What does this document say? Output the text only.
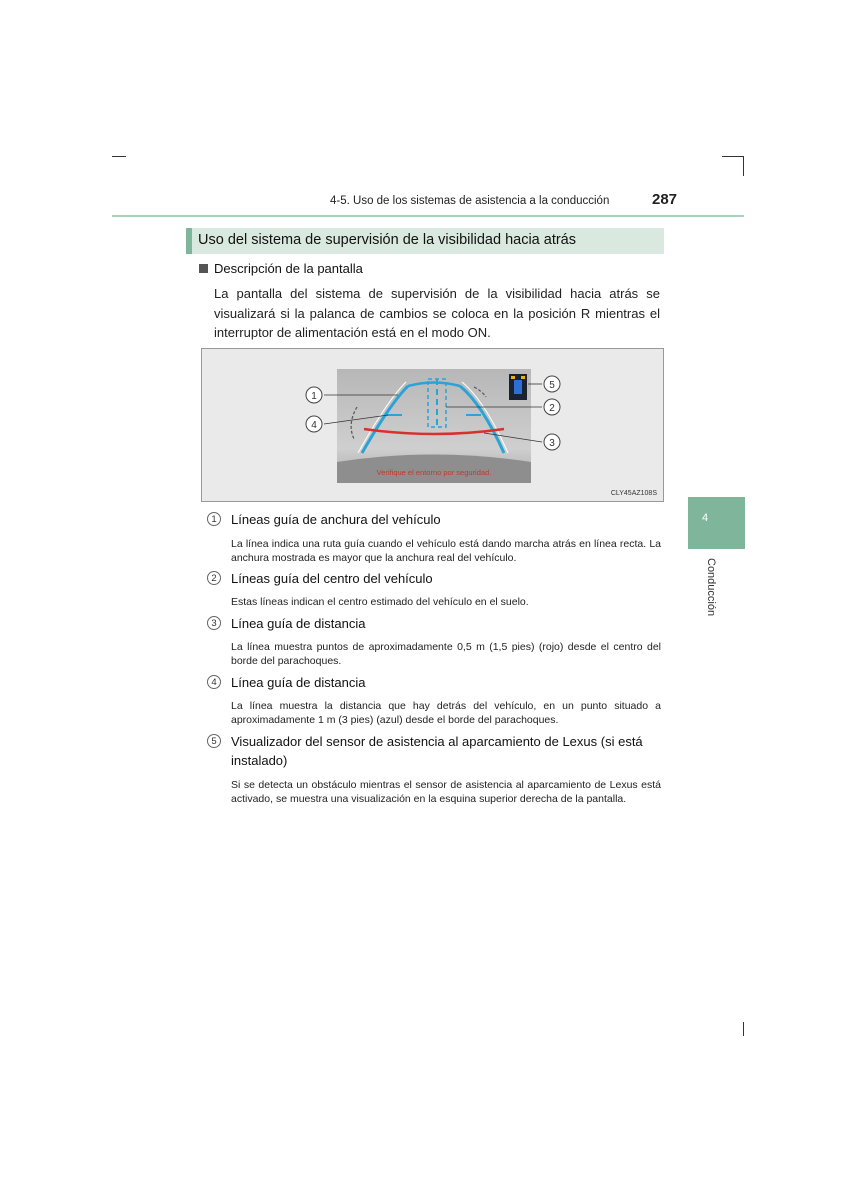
4-5. Uso de los sistemas de asistencia a la conducción	287
4
Conducción
Uso del sistema de supervisión de la visibilidad hacia atrás
Descripción de la pantalla
La pantalla del sistema de supervisión de la visibilidad hacia atrás se visualizará si la palanca de cambios se coloca en la posición R mientras el interruptor de alimentación está en el modo ON.
1
4
2
5
3
Verifique el entorno por seguridad.
CLY45AZ108S
1	Líneas guía de anchura del vehículo
La línea indica una ruta guía cuando el vehículo está dando marcha atrás en línea recta. La anchura mostrada es mayor que la anchura real del vehículo.
2	Líneas guía del centro del vehículo
Estas líneas indican el centro estimado del vehículo en el suelo.
3	Línea guía de distancia
La línea muestra puntos de aproximadamente 0,5 m (1,5 pies) (rojo) desde el centro del borde del parachoques.
4	Línea guía de distancia
La línea muestra la distancia que hay detrás del vehículo, en un punto situado a aproximadamente 1 m (3 pies) (azul) desde el borde del parachoques.
5	Visualizador del sensor de asistencia al aparcamiento de Lexus (si está instalado)
Si se detecta un obstáculo mientras el sensor de asistencia al aparcamiento de Lexus está activado, se muestra una visualización en la esquina superior derecha de la pantalla.
